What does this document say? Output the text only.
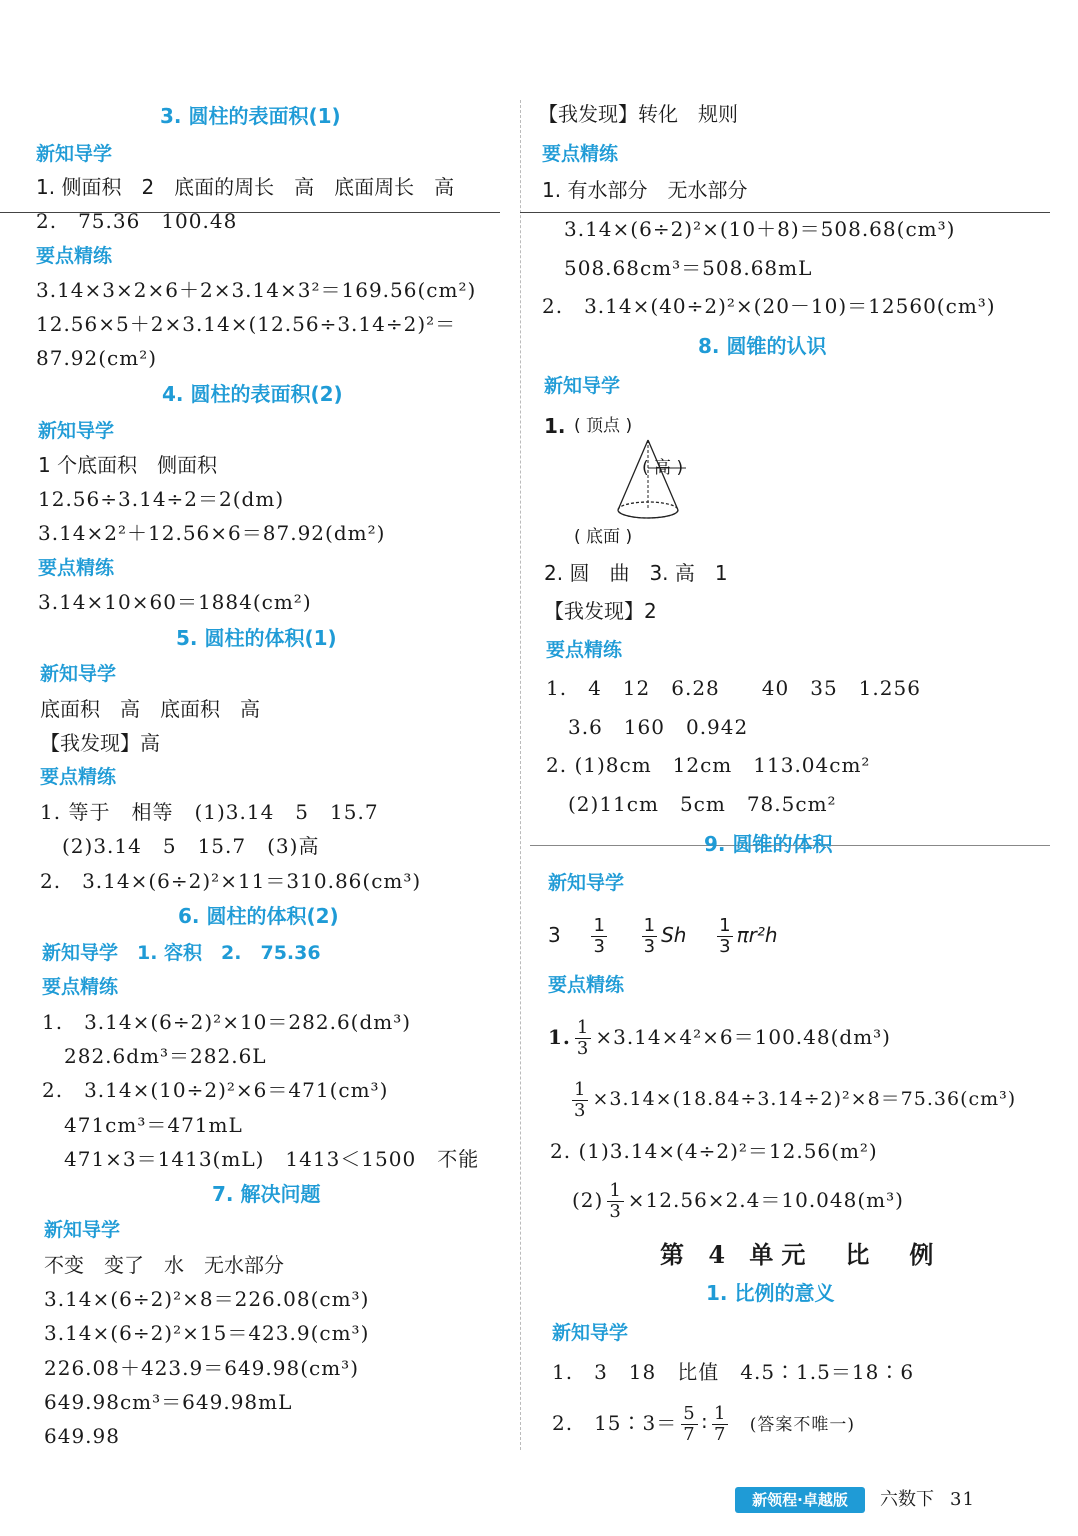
3. 圆柱的表面积(1)
新知导学
1. 侧面积　2　底面的周长　高　底面周长　高
2.　75.36　100.48
要点精练
3.14×3×2×6＋2×3.14×3²＝169.56(cm²)
12.56×5＋2×3.14×(12.56÷3.14÷2)²＝
87.92(cm²)
4. 圆柱的表面积(2)
新知导学
1 个底面积　侧面积
12.56÷3.14÷2＝2(dm)
3.14×2²＋12.56×6＝87.92(dm²)
要点精练
3.14×10×60＝1884(cm²)
5. 圆柱的体积(1)
新知导学
底面积　高　底面积　高
【我发现】高
要点精练
1. 等于　相等　(1)3.14　5　15.7
(2)3.14　5　15.7　(3)高
2.　3.14×(6÷2)²×11＝310.86(cm³)
6. 圆柱的体积(2)
新知导学　1. 容积　2.　75.36
要点精练
1.　3.14×(6÷2)²×10＝282.6(dm³)
282.6dm³＝282.6L
2.　3.14×(10÷2)²×6＝471(cm³)
471cm³＝471mL
471×3＝1413(mL)　1413＜1500　不能
7. 解决问题
新知导学
不变　变了　水　无水部分
3.14×(6÷2)²×8＝226.08(cm³)
3.14×(6÷2)²×15＝423.9(cm³)
226.08＋423.9＝649.98(cm³)
649.98cm³＝649.98mL
649.98
【我发现】转化　规则
要点精练
1. 有水部分　无水部分
3.14×(6÷2)²×(10＋8)＝508.68(cm³)
508.68cm³＝508.68mL
2.　3.14×(40÷2)²×(20－10)＝12560(cm³)
8. 圆锥的认识
新知导学
1. ( 顶点 )
( 高 )
( 底面 )
2. 圆　曲　3. 高　1
【我发现】2
要点精练
1.　4　12　6.28　　40　35　1.256
3.6　160　0.942
2. (1)8cm　12cm　113.04cm²
(2)11cm　5cm　78.5cm²
9. 圆锥的体积
新知导学
$3 \frac{1}{3}$
$\frac{1}{3}$ Sh $\frac{1}{3} \pi r^2h$
要点精练
1. $\frac{1}{3} \times 3.14\times 4^2\times 6=100.48(dm^3)$
$\frac{1}{3} \times 3.14\times(18.84\div 3.14\div 2)^2\times 8=75.36(cm^3)$
2. (1)3.14×(4÷2)²＝12.56(m²)
$(2) \frac{1}{3} \times 12.56\times 2.4=10.048(m^3)$
第 4 单元　比　例
1. 比例的意义
新知导学
1.　3　18　比值　4.5∶1.5＝18∶6
2.　15∶3＝ $\frac{5}{7}$ ∶ $\frac{1}{7}$ (答案不唯一)
新领程·卓越版	六数下 31
